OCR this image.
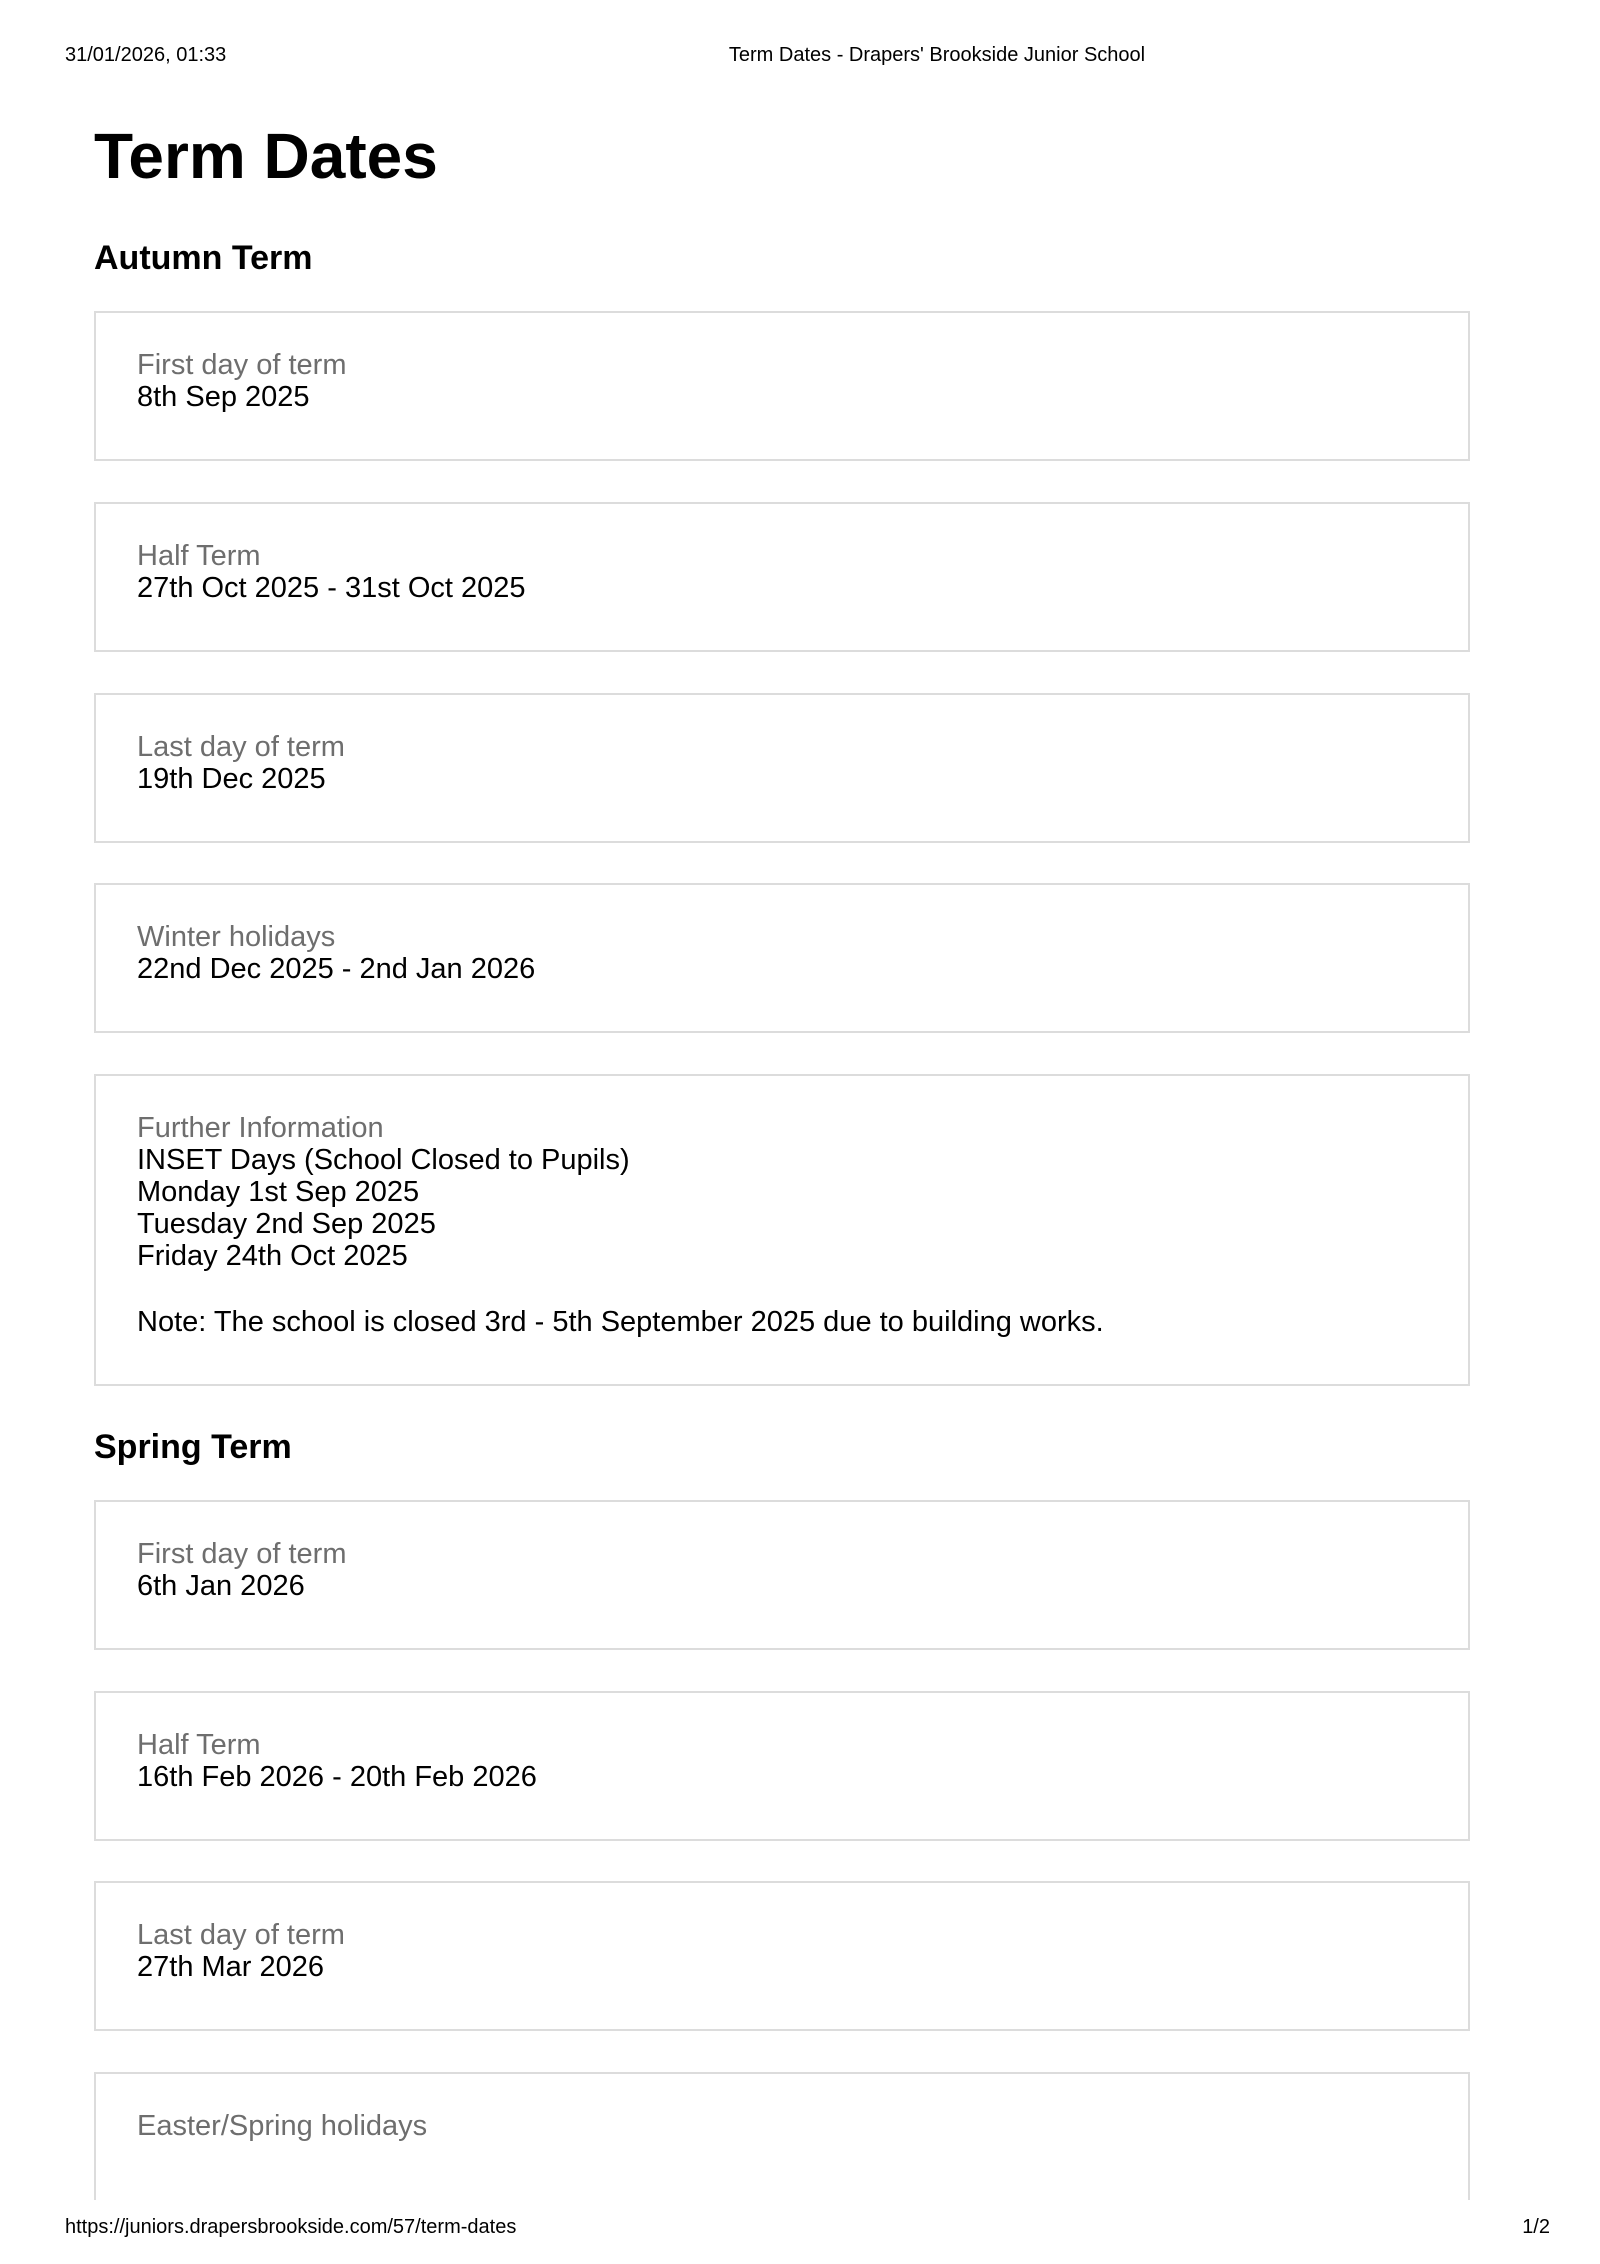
31/01/2026, 01:33	Term Dates - Drapers' Brookside Junior School
Term Dates
Autumn Term
First day of term
8th Sep 2025
Half Term
27th Oct 2025 - 31st Oct 2025
Last day of term
19th Dec 2025
Winter holidays
22nd Dec 2025 - 2nd Jan 2026
Further Information
INSET Days (School Closed to Pupils)
Monday 1st Sep 2025
Tuesday 2nd Sep 2025
Friday 24th Oct 2025
Note: The school is closed 3rd - 5th September 2025 due to building works.
Spring Term
First day of term
6th Jan 2026
Half Term
16th Feb 2026 - 20th Feb 2026
Last day of term
27th Mar 2026
Easter/Spring holidays
https://juniors.drapersbrookside.com/57/term-dates	1/2
